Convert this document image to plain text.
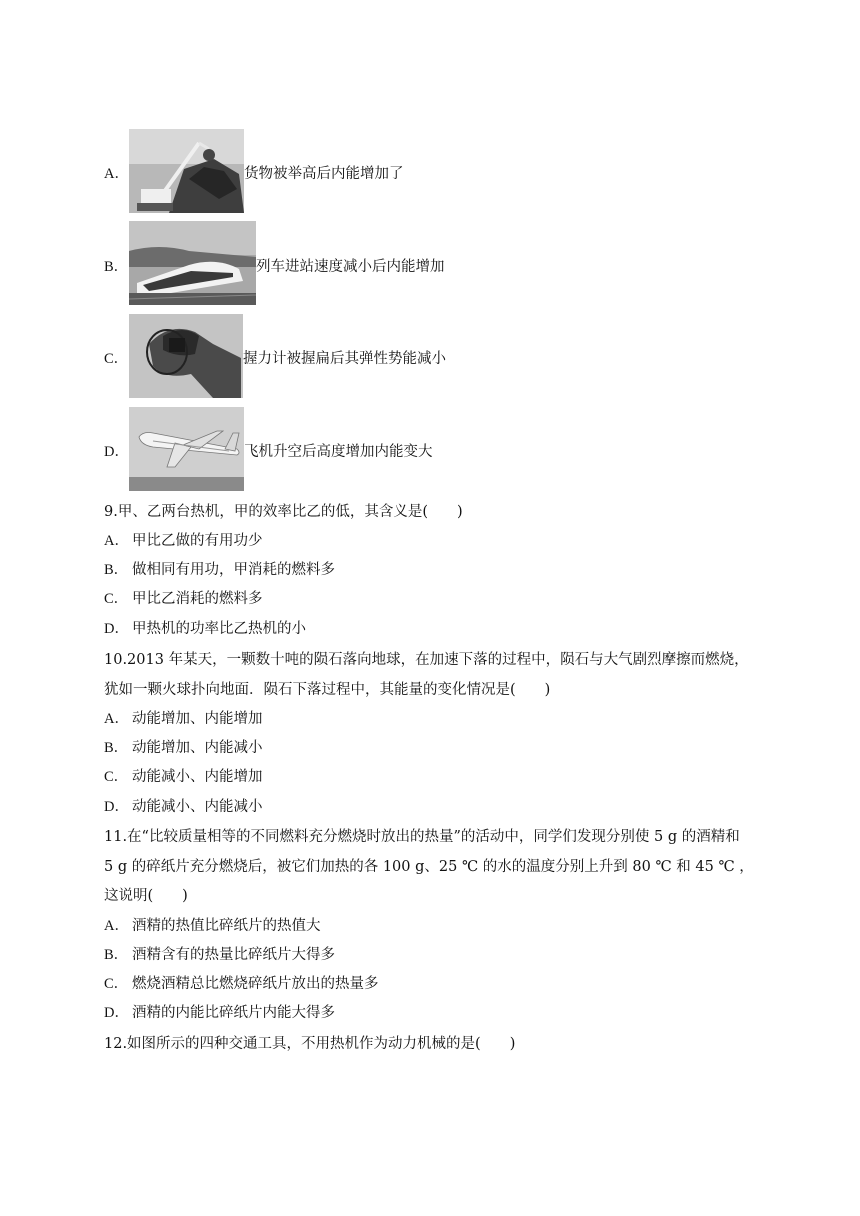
A．	货物被举高后内能增加了
B．	列车进站速度减小后内能增加
C．	握力计被握扁后其弹性势能减小
D．	飞机升空后高度增加内能变大
9.甲、乙两台热机，甲的效率比乙的低，其含义是(　　)
A． 甲比乙做的有用功少
B． 做相同有用功，甲消耗的燃料多
C． 甲比乙消耗的燃料多
D． 甲热机的功率比乙热机的小
10.2013 年某天，一颗数十吨的陨石落向地球，在加速下落的过程中，陨石与大气剧烈摩擦而燃烧，
犹如一颗火球扑向地面．陨石下落过程中，其能量的变化情况是(　　)
A． 动能增加、内能增加
B． 动能增加、内能减小
C． 动能减小、内能增加
D． 动能减小、内能减小
11.在“比较质量相等的不同燃料充分燃烧时放出的热量”的活动中，同学们发现分别使 5 g 的酒精和
5 g 的碎纸片充分燃烧后，被它们加热的各 100 g、25 ℃ 的水的温度分别上升到 80 ℃ 和 45 ℃ ，
这说明(　　)
A． 酒精的热值比碎纸片的热值大
B． 酒精含有的热量比碎纸片大得多
C． 燃烧酒精总比燃烧碎纸片放出的热量多
D． 酒精的内能比碎纸片内能大得多
12.如图所示的四种交通工具，不用热机作为动力机械的是(　　)
